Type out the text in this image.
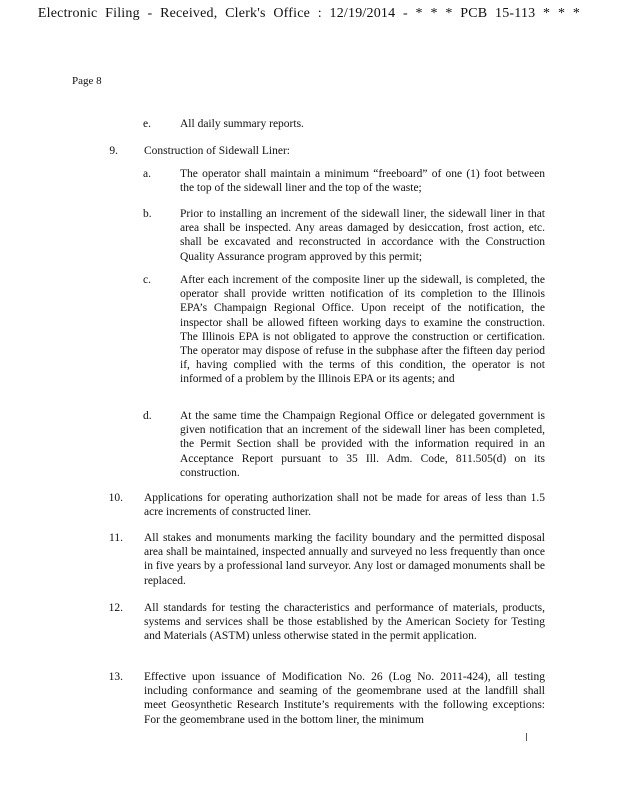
Electronic Filing - Received, Clerk's Office : 12/19/2014 - * * * PCB 15-113 * * *
Page 8
e.	All daily summary reports.
9. Construction of Sidewall Liner:
a.	The operator shall maintain a minimum “freeboard” of one (1) foot between the top of the sidewall liner and the top of the waste;
b. Prior to installing an increment of the sidewall liner, the sidewall liner in that area shall be inspected. Any areas damaged by desiccation, frost action, etc. shall be excavated and reconstructed in accordance with the Construction Quality Assurance program approved by this permit;
c.	After each increment of the composite liner up the sidewall, is completed, the operator shall provide written notification of its completion to the Illinois EPA’s Champaign Regional Office. Upon receipt of the notification, the inspector shall be allowed fifteen working days to examine the construction. The Illinois EPA is not obligated to approve the construction or certification. The operator may dispose of refuse in the subphase after the fifteen day period if, having complied with the terms of this condition, the operator is not informed of a problem by the Illinois EPA or its agents; and
d. At the same time the Champaign Regional Office or delegated government is given notification that an increment of the sidewall liner has been completed, the Permit Section shall be provided with the information required in an Acceptance Report pursuant to 35 Ill. Adm. Code, 811.505(d) on its construction.
10. Applications for operating authorization shall not be made for areas of less than 1.5 acre increments of constructed liner.
11. All stakes and monuments marking the facility boundary and the permitted disposal area shall be maintained, inspected annually and surveyed no less frequently than once in five years by a professional land surveyor. Any lost or damaged monuments shall be replaced.
12. All standards for testing the characteristics and performance of materials, products, systems and services shall be those established by the American Society for Testing and Materials (ASTM) unless otherwise stated in the permit application.
13. Effective upon issuance of Modification No. 26 (Log No. 2011-424), all testing including conformance and seaming of the geomembrane used at the landfill shall meet Geosynthetic Research Institute’s requirements with the following exceptions: For the geomembrane used in the bottom liner, the minimum
